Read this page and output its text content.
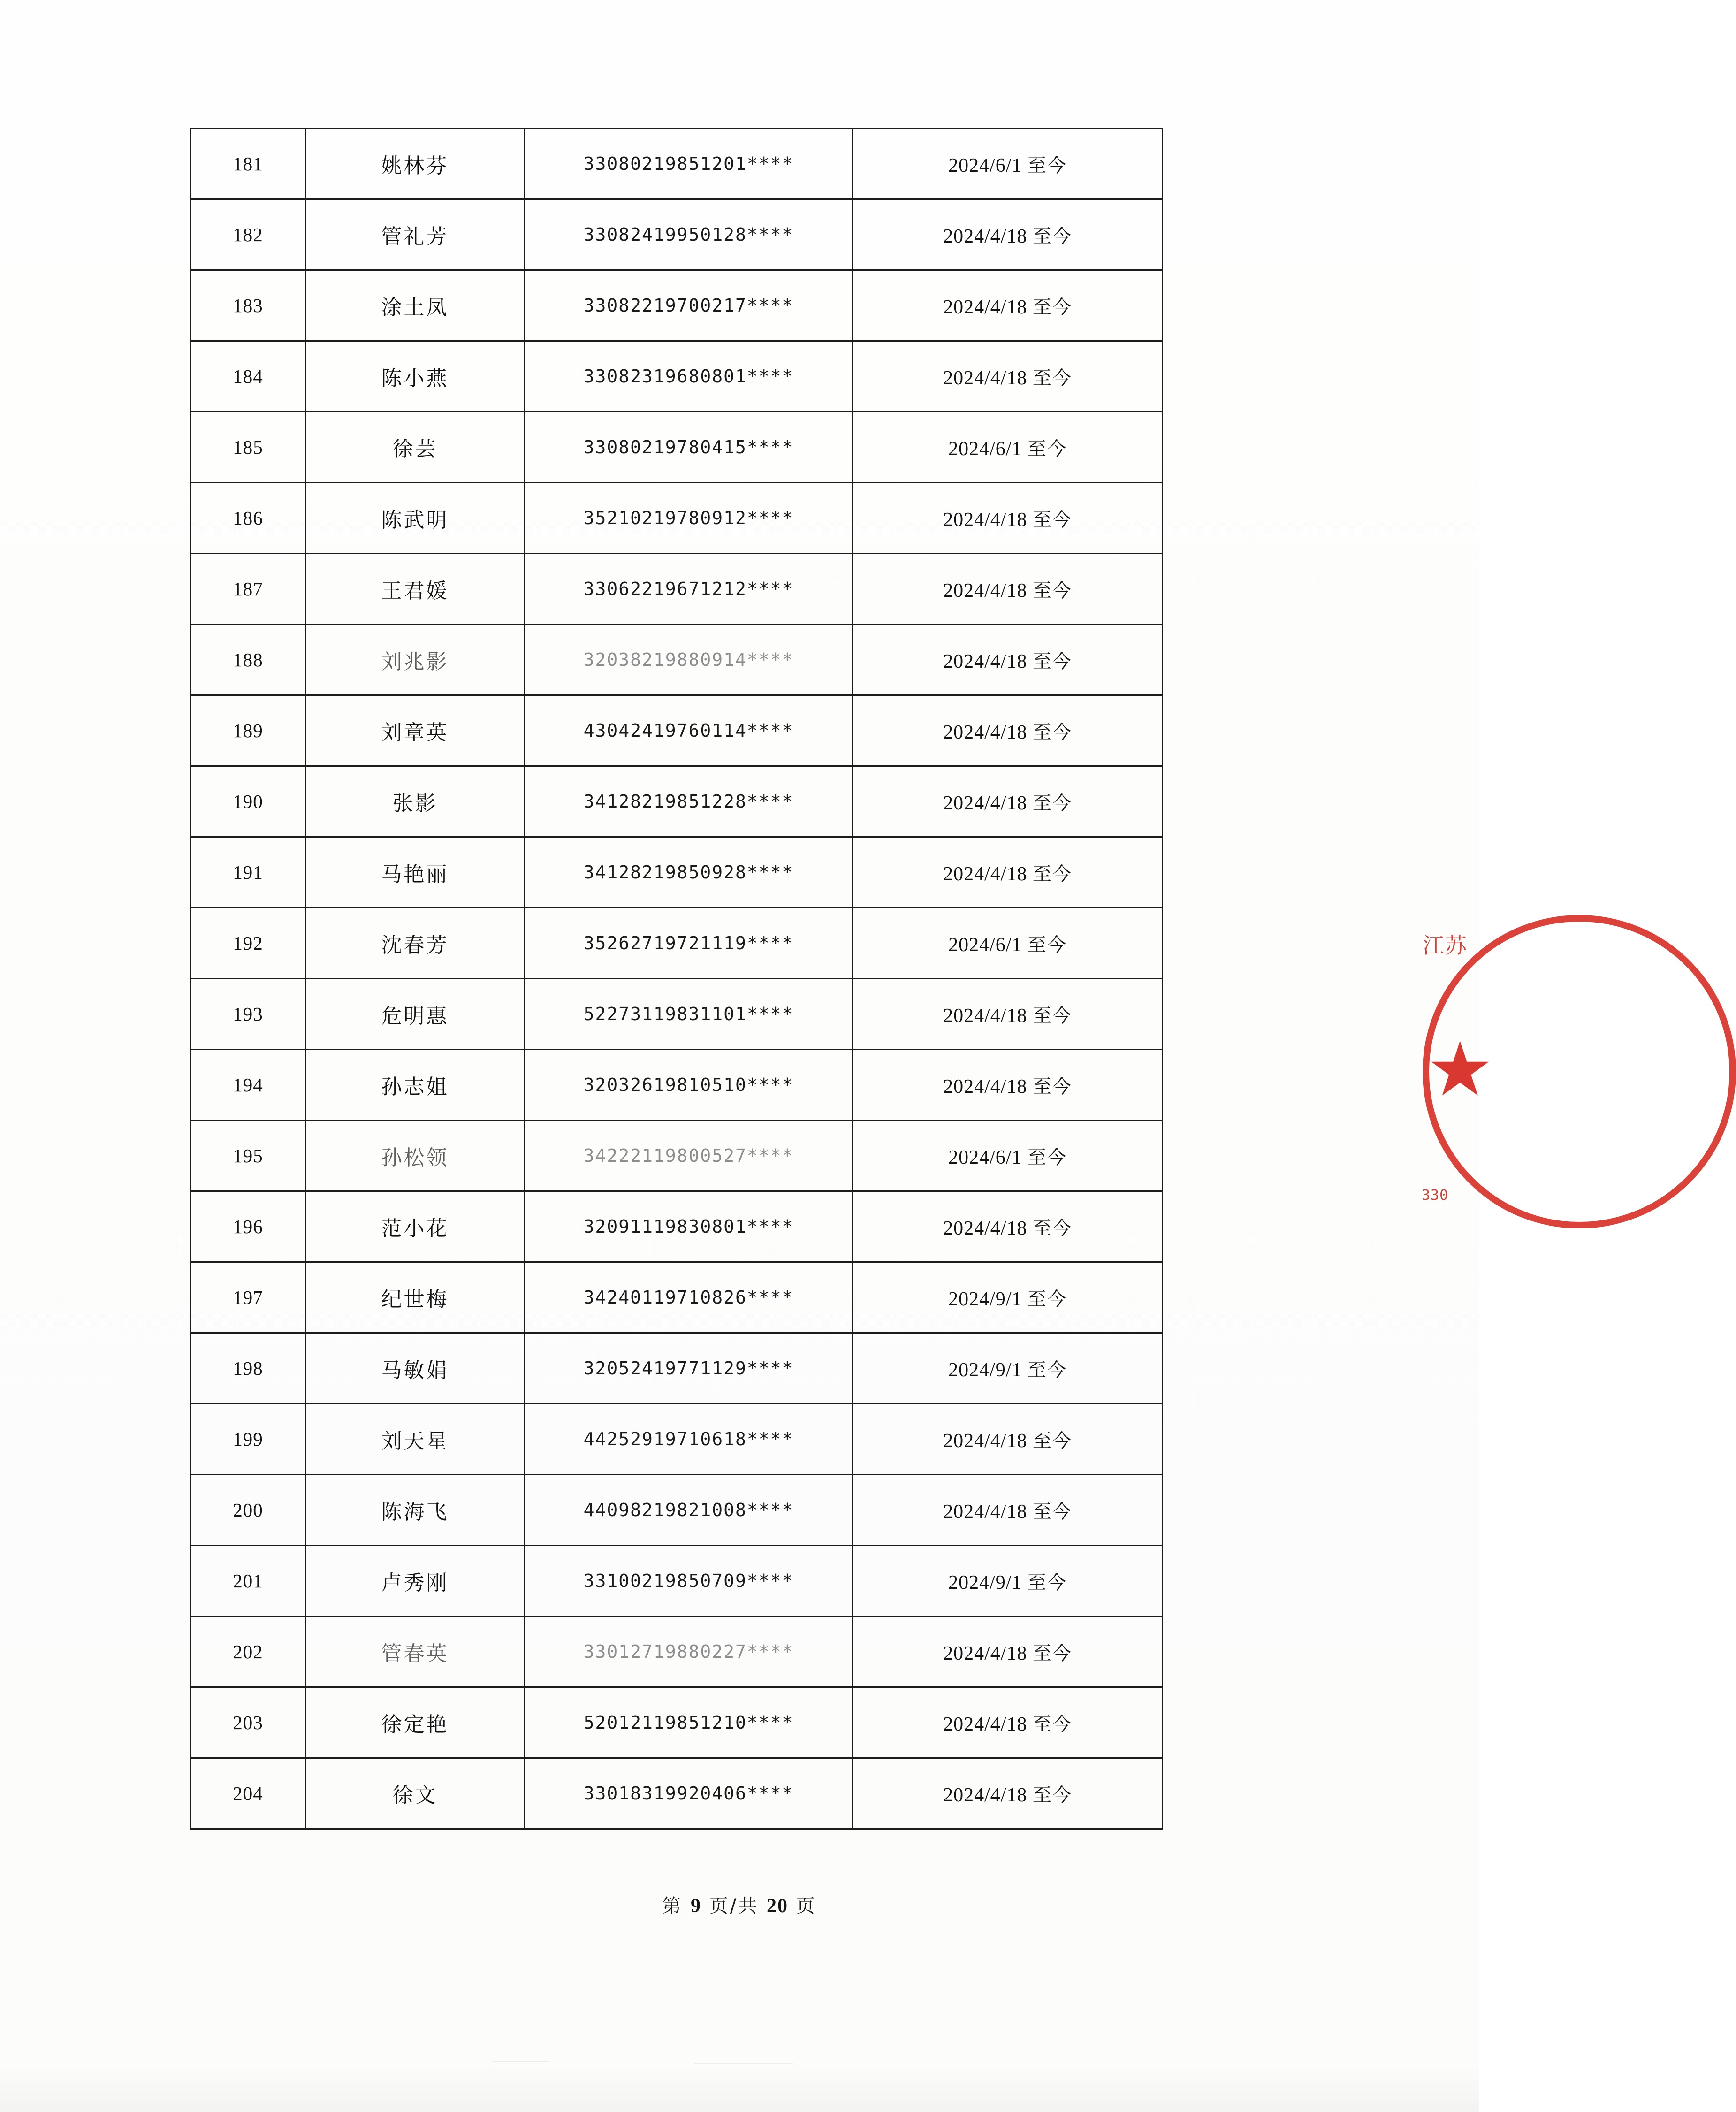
181	姚林芬	33080219851201****	2024/6/1 至今
182	管礼芳	33082419950128****	2024/4/18 至今
183	涂土凤	33082219700217****	2024/4/18 至今
184	陈小燕	33082319680801****	2024/4/18 至今
185	徐芸	33080219780415****	2024/6/1 至今
186	陈武明	35210219780912****	2024/4/18 至今
187	王君媛	33062219671212****	2024/4/18 至今
188	刘兆影	32038219880914****	2024/4/18 至今
189	刘章英	43042419760114****	2024/4/18 至今
190	张影	34128219851228****	2024/4/18 至今
191	马艳丽	34128219850928****	2024/4/18 至今
192	沈春芳	35262719721119****	2024/6/1 至今
193	危明惠	52273119831101****	2024/4/18 至今
194	孙志姐	32032619810510****	2024/4/18 至今
195	孙松领	34222119800527****	2024/6/1 至今
196	范小花	32091119830801****	2024/4/18 至今
197	纪世梅	34240119710826****	2024/9/1 至今
198	马敏娟	32052419771129****	2024/9/1 至今
199	刘天星	44252919710618****	2024/4/18 至今
200	陈海飞	44098219821008****	2024/4/18 至今
201	卢秀刚	33100219850709****	2024/9/1 至今
202	管春英	33012719880227****	2024/4/18 至今
203	徐定艳	52012119851210****	2024/4/18 至今
204	徐文	33018319920406****	2024/4/18 至今
第 9 页/共 20 页
江苏
★
330
